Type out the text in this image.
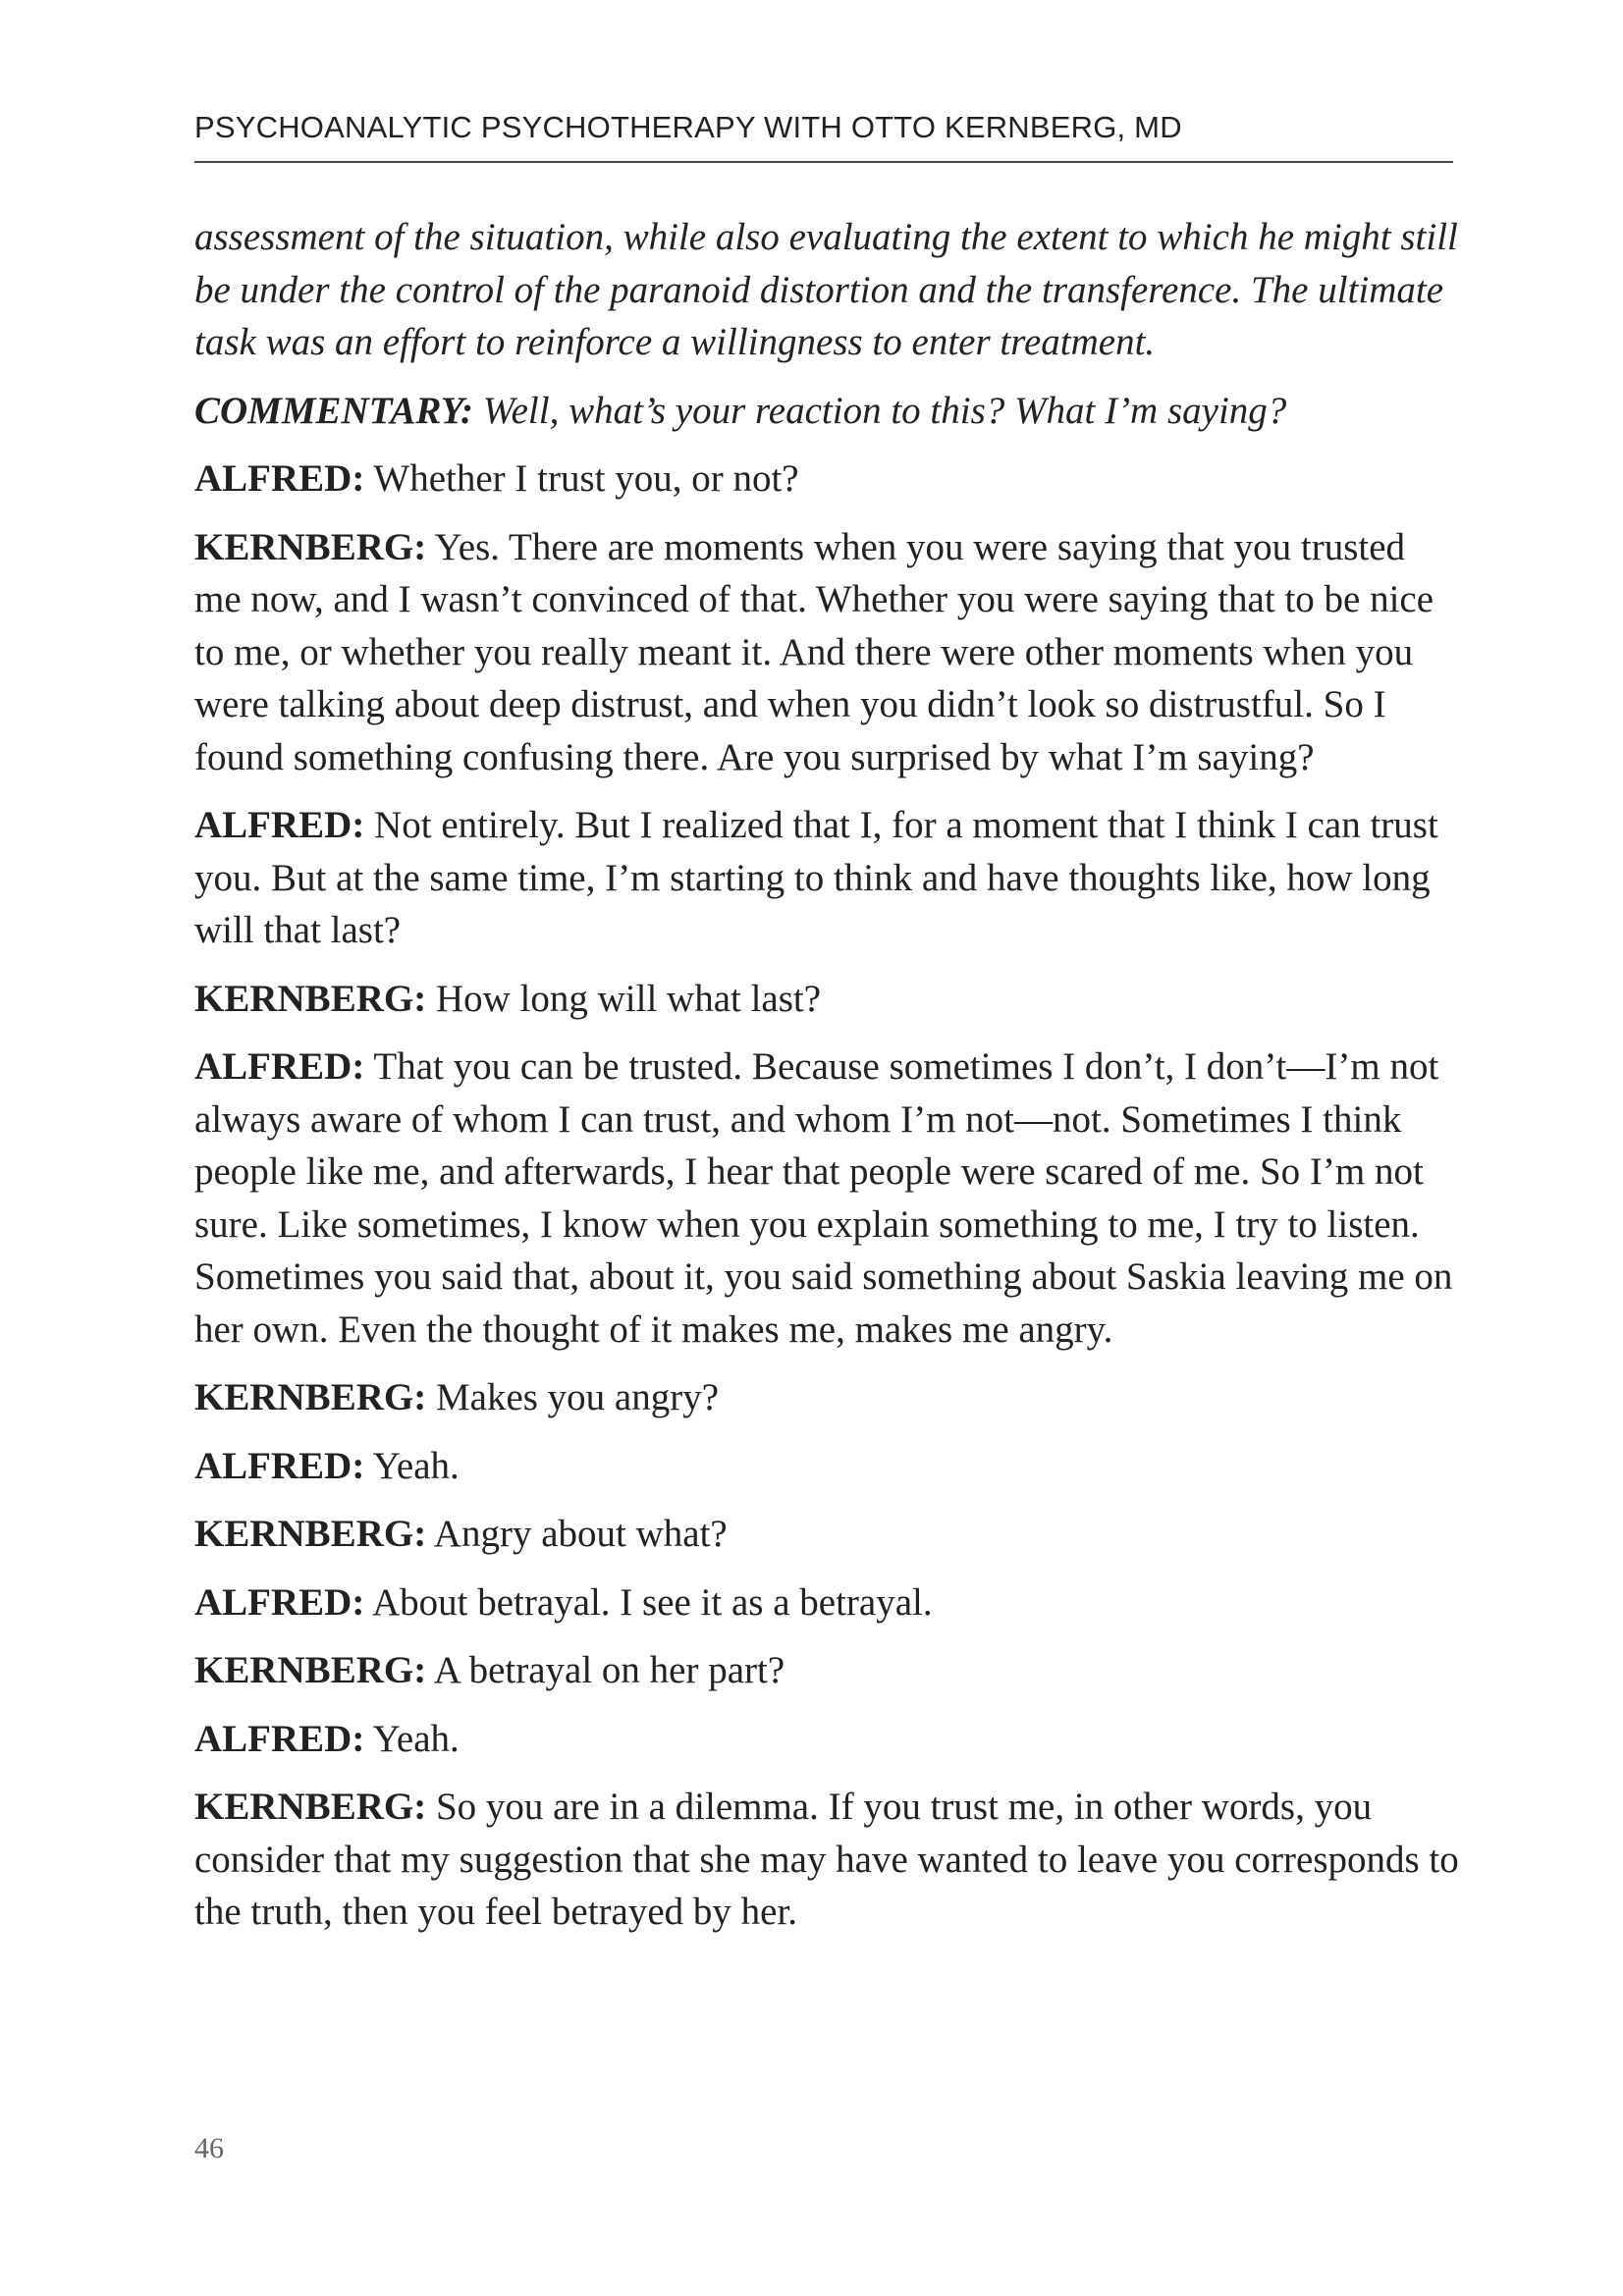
PSYCHOANALYTIC PSYCHOTHERAPY WITH OTTO KERNBERG, MD

assessment of the situation, while also evaluating the extent to which he might still be under the control of the paranoid distortion and the transference. The ultimate task was an effort to reinforce a willingness to enter treatment.

COMMENTARY: Well, what’s your reaction to this? What I’m saying?

ALFRED: Whether I trust you, or not?

KERNBERG: Yes. There are moments when you were saying that you trusted me now, and I wasn’t convinced of that. Whether you were saying that to be nice to me, or whether you really meant it. And there were other moments when you were talking about deep distrust, and when you didn’t look so distrustful. So I found something confusing there. Are you surprised by what I’m saying?

ALFRED: Not entirely. But I realized that I, for a moment that I think I can trust you. But at the same time, I’m starting to think and have thoughts like, how long will that last?

KERNBERG: How long will what last?

ALFRED: That you can be trusted. Because sometimes I don’t, I don’t—I’m not always aware of whom I can trust, and whom I’m not—not. Sometimes I think people like me, and afterwards, I hear that people were scared of me. So I’m not sure. Like sometimes, I know when you explain something to me, I try to listen. Sometimes you said that, about it, you said something about Saskia leaving me on her own. Even the thought of it makes me, makes me angry.

KERNBERG: Makes you angry?

ALFRED: Yeah.

KERNBERG: Angry about what?

ALFRED: About betrayal. I see it as a betrayal.

KERNBERG: A betrayal on her part?

ALFRED: Yeah.

KERNBERG: So you are in a dilemma. If you trust me, in other words, you consider that my suggestion that she may have wanted to leave you corresponds to the truth, then you feel betrayed by her.

46
